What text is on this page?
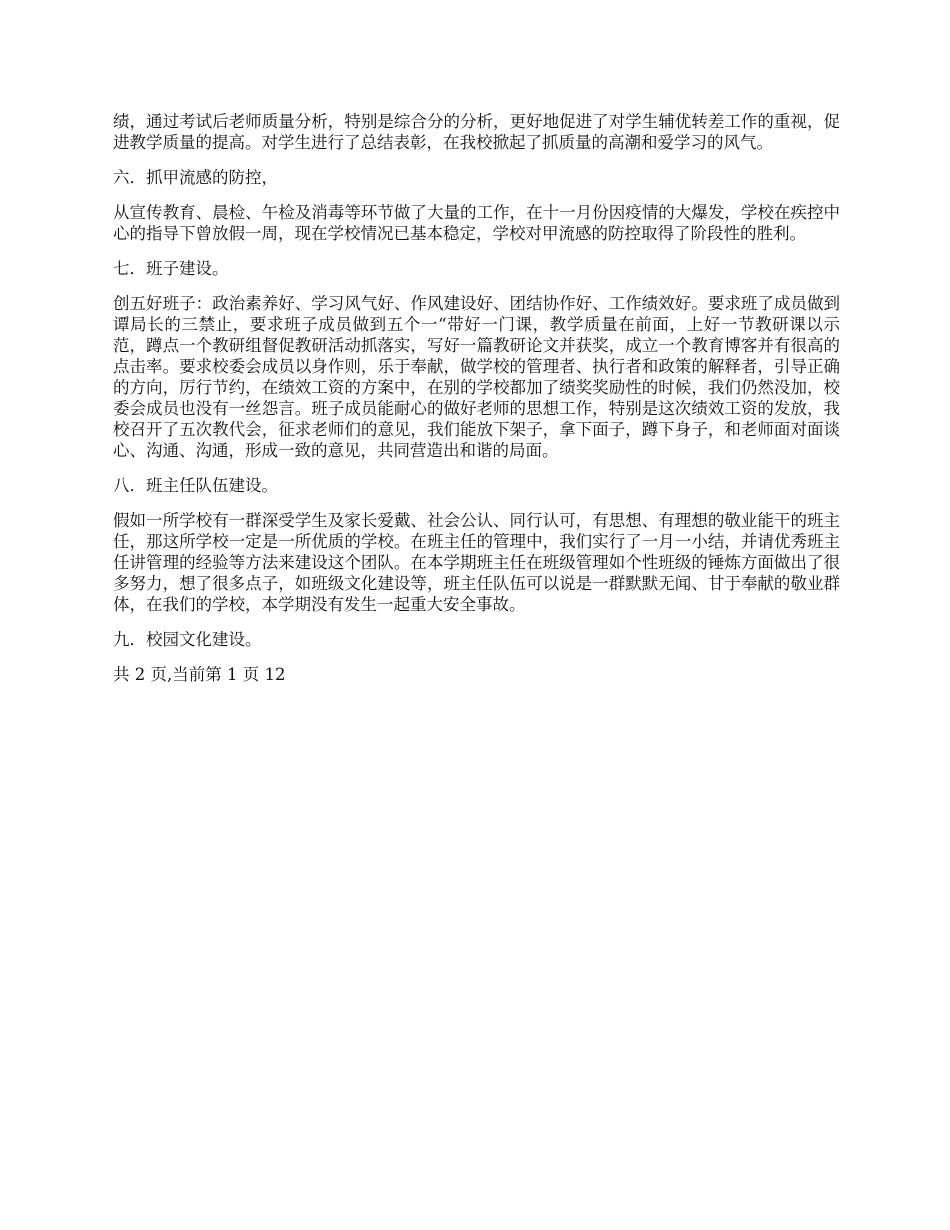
绩，通过考试后老师质量分析，特别是综合分的分析，更好地促进了对学生辅优转差工作的重视，促进教学质量的提高。对学生进行了总结表彰，在我校掀起了抓质量的高潮和爱学习的风气。

六．抓甲流感的防控，

从宣传教育、晨检、午检及消毒等环节做了大量的工作，在十一月份因疫情的大爆发，学校在疾控中心的指导下曾放假一周，现在学校情况已基本稳定，学校对甲流感的防控取得了阶段性的胜利。

七．班子建设。

创五好班子：政治素养好、学习风气好、作风建设好、团结协作好、工作绩效好。要求班了成员做到谭局长的三禁止，要求班子成员做到五个一“带好一门课，教学质量在前面，上好一节教研课以示范，蹲点一个教研组督促教研活动抓落实，写好一篇教研论文并获奖，成立一个教育博客并有很高的点击率。要求校委会成员以身作则，乐于奉献，做学校的管理者、执行者和政策的解释者，引导正确的方向，厉行节约，在绩效工资的方案中，在别的学校都加了绩奖奖励性的时候，我们仍然没加，校委会成员也没有一丝怨言。班子成员能耐心的做好老师的思想工作，特别是这次绩效工资的发放，我校召开了五次教代会，征求老师们的意见，我们能放下架子，拿下面子，蹲下身子，和老师面对面谈心、沟通、沟通，形成一致的意见，共同营造出和谐的局面。

八．班主任队伍建设。

假如一所学校有一群深受学生及家长爱戴、社会公认、同行认可，有思想、有理想的敬业能干的班主任，那这所学校一定是一所优质的学校。在班主任的管理中，我们实行了一月一小结，并请优秀班主任讲管理的经验等方法来建设这个团队。在本学期班主任在班级管理如个性班级的锤炼方面做出了很多努力，想了很多点子，如班级文化建设等，班主任队伍可以说是一群默默无闻、甘于奉献的敬业群体，在我们的学校，本学期没有发生一起重大安全事故。

九．校园文化建设。

共 2 页,当前第 1 页 12
